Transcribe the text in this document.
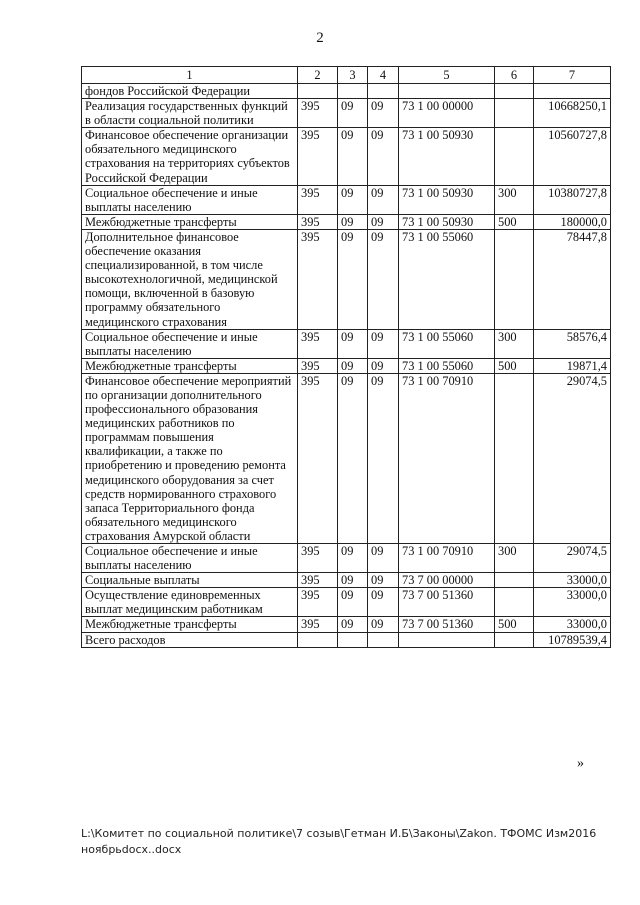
2
1	2	3	4	5	6	7
фондов Российской Федерации						
Реализация государственных функций в области социальной политики	395	09	09	73 1 00 00000		10668250,1
Финансовое обеспечение организации обязательного медицинского страхования на территориях субъектов Российской Федерации	395	09	09	73 1 00 50930		10560727,8
Социальное обеспечение и иные выплаты населению	395	09	09	73 1 00 50930	300	10380727,8
Межбюджетные трансферты	395	09	09	73 1 00 50930	500	180000,0
Дополнительное финансовое обеспечение оказания специализированной, в том числе высокотехнологичной, медицинской помощи, включенной в базовую программу обязательного медицинского страхования	395	09	09	73 1 00 55060		78447,8
Социальное обеспечение и иные выплаты населению	395	09	09	73 1 00 55060	300	58576,4
Межбюджетные трансферты	395	09	09	73 1 00 55060	500	19871,4
Финансовое обеспечение мероприятий по организации дополнительного профессионального образования медицинских работников по программам повышения квалификации, а также по приобретению и проведению ремонта медицинского оборудования за счет средств нормированного страхового запаса Территориального фонда обязательного медицинского страхования Амурской области	395	09	09	73 1 00 70910		29074,5
Социальное обеспечение и иные выплаты населению	395	09	09	73 1 00 70910	300	29074,5
Социальные выплаты	395	09	09	73 7 00 00000		33000,0
Осуществление единовременных выплат медицинским работникам	395	09	09	73 7 00 51360		33000,0
Межбюджетные трансферты	395	09	09	73 7 00 51360	500	33000,0
Всего расходов						10789539,4
»
L:\Комитет по социальной политике\7 созыв\Гетман И.Б\Законы\Zakon. ТФОМС Изм2016
ноябрьdocx..docx
